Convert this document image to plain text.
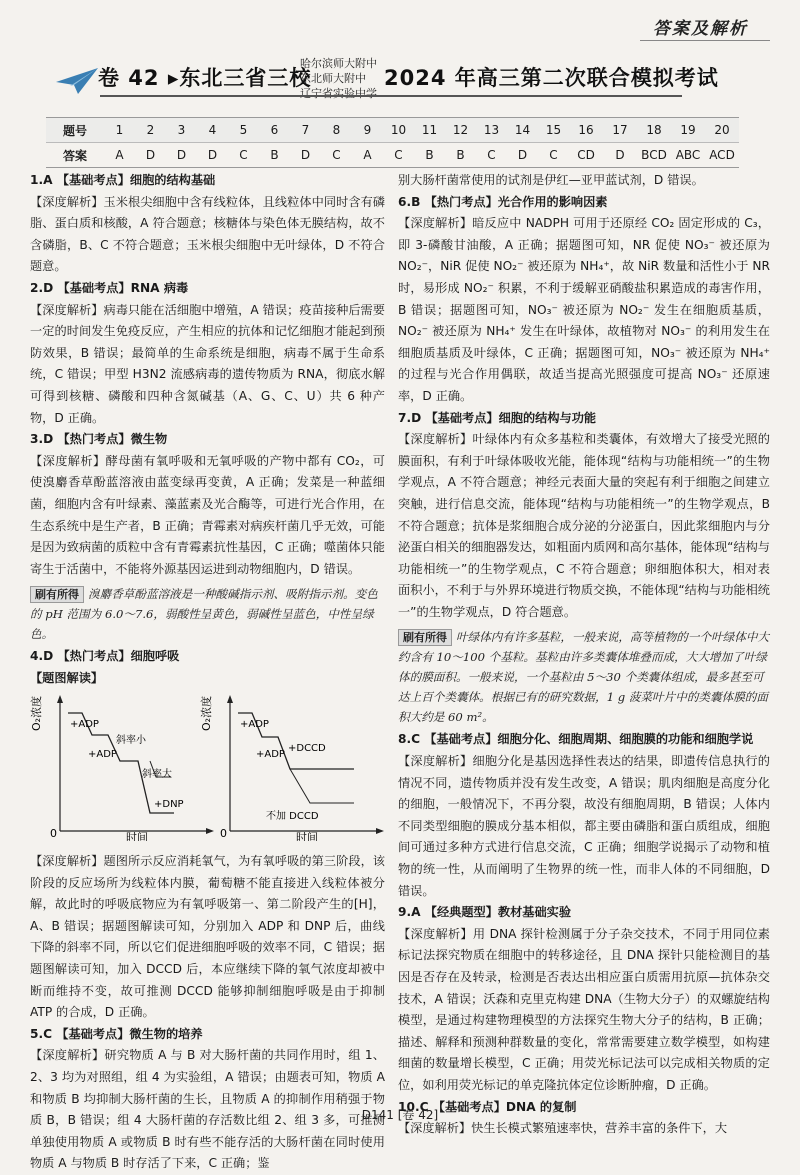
答案及解析
卷 42 ▸东北三省三校
哈尔滨师大附中
东北师大附中
辽宁省实验中学
2024 年高三第二次联合模拟考试
题号	1	2	3	4	5	6	7	8	9	10	11	12	13	14	15	16	17	18	19	20
答案	A	D	D	D	C	B	D	C	A	C	B	B	C	D	C	CD	D	BCD	ABC	ACD

1.A 【基础考点】细胞的结构基础

【深度解析】玉米根尖细胞中含有线粒体，且线粒体中同时含有磷脂、蛋白质和核酸，A 符合题意；核糖体与染色体无膜结构，故不含磷脂，B、C 不符合题意；玉米根尖细胞中无叶绿体，D 不符合题意。

2.D 【基础考点】RNA 病毒

【深度解析】病毒只能在活细胞中增殖，A 错误；疫苗接种后需要一定的时间发生免疫反应，产生相应的抗体和记忆细胞才能起到预防效果，B 错误；最简单的生命系统是细胞，病毒不属于生命系统，C 错误；甲型 H3N2 流感病毒的遗传物质为 RNA，彻底水解可得到核糖、磷酸和四种含氮碱基（A、G、C、U）共 6 种产物，D 正确。

3.D 【热门考点】微生物

【深度解析】酵母菌有氧呼吸和无氧呼吸的产物中都有 CO₂，可使溴麝香草酚蓝溶液由蓝变绿再变黄，A 正确；发菜是一种蓝细菌，细胞内含有叶绿素、藻蓝素及光合酶等，可进行光合作用，在生态系统中是生产者，B 正确；青霉素对病疾杆菌几乎无效，可能是因为致病菌的质粒中含有青霉素抗性基因，C 正确；噬菌体只能寄生于活菌中，不能将外源基因运进到动物细胞内，D 错误。

刷有所得 溴麝香草酚蓝溶液是一种酸碱指示剂、吸附指示剂。变色的 pH 范围为 6.0～7.6，弱酸性呈黄色，弱碱性呈蓝色，中性呈绿色。

4.D 【热门考点】细胞呼吸

【题图解读】

O₂浓度
时间
0
+ADP
+ADP
斜率小
斜率大
+DNP
O₂浓度
时间
0
+ADP
+ADP
+DCCD
不加 DCCD

【深度解析】题图所示反应消耗氧气，为有氧呼吸的第三阶段，该阶段的反应场所为线粒体内膜，葡萄糖不能直接进入线粒体被分解，故此时的呼吸底物应为有氧呼吸第一、第二阶段产生的[H]，A、B 错误；据题图解读可知，分别加入 ADP 和 DNP 后，曲线下降的斜率不同，所以它们促进细胞呼吸的效率不同，C 错误；据题图解读可知，加入 DCCD 后，本应继续下降的氧气浓度却被中断而维持不变，故可推测 DCCD 能够抑制细胞呼吸是由于抑制 ATP 的合成，D 正确。

5.C 【基础考点】微生物的培养

【深度解析】研究物质 A 与 B 对大肠杆菌的共同作用时，组 1、2、3 均为对照组，组 4 为实验组，A 错误；由题表可知，物质 A 和物质 B 均抑制大肠杆菌的生长，且物质 A 的抑制作用稍强于物质 B，B 错误；组 4 大肠杆菌的存活数比组 2、组 3 多，可推测单独使用物质 A 或物质 B 时有些不能存活的大肠杆菌在同时使用物质 A 与物质 B 时存活了下来，C 正确；鉴

别大肠杆菌常使用的试剂是伊红—亚甲蓝试剂，D 错误。

6.B 【热门考点】光合作用的影响因素

【深度解析】暗反应中 NADPH 可用于还原经 CO₂ 固定形成的 C₃，即 3-磷酸甘油酸，A 正确；据题图可知，NR 促使 NO₃⁻ 被还原为 NO₂⁻，NiR 促使 NO₂⁻ 被还原为 NH₄⁺，故 NiR 数量和活性小于 NR 时，易形成 NO₂⁻ 积累，不利于缓解亚硝酸盐积累造成的毒害作用，B 错误；据题图可知，NO₃⁻ 被还原为 NO₂⁻ 发生在细胞质基质，NO₂⁻ 被还原为 NH₄⁺ 发生在叶绿体，故植物对 NO₃⁻ 的利用发生在细胞质基质及叶绿体，C 正确；据题图可知，NO₃⁻ 被还原为 NH₄⁺ 的过程与光合作用偶联，故适当提高光照强度可提高 NO₃⁻ 还原速率，D 正确。

7.D 【基础考点】细胞的结构与功能

【深度解析】叶绿体内有众多基粒和类囊体，有效增大了接受光照的膜面积，有利于叶绿体吸收光能，能体现“结构与功能相统一”的生物学观点，A 不符合题意；神经元表面大量的突起有利于细胞之间建立突触，进行信息交流，能体现“结构与功能相统一”的生物学观点，B 不符合题意；抗体是浆细胞合成分泌的分泌蛋白，因此浆细胞内与分泌蛋白相关的细胞器发达，如粗面内质网和高尔基体，能体现“结构与功能相统一”的生物学观点，C 不符合题意；卵细胞体积大，相对表面积小，不利于与外界环境进行物质交换，不能体现“结构与功能相统一”的生物学观点，D 符合题意。

刷有所得 叶绿体内有许多基粒，一般来说，高等植物的一个叶绿体中大约含有 10～100 个基粒。基粒由许多类囊体堆叠而成，大大增加了叶绿体的膜面积。一般来说，一个基粒由 5～30 个类囊体组成，最多甚至可达上百个类囊体。根据已有的研究数据，1 g 菠菜叶片中的类囊体膜的面积大约是 60 m²。

8.C 【基础考点】细胞分化、细胞周期、细胞膜的功能和细胞学说

【深度解析】细胞分化是基因选择性表达的结果，即遗传信息执行的情况不同，遗传物质并没有发生改变，A 错误；肌肉细胞是高度分化的细胞，一般情况下，不再分裂，故没有细胞周期，B 错误；人体内不同类型细胞的膜成分基本相似，都主要由磷脂和蛋白质组成，细胞间可通过多种方式进行信息交流，C 正确；细胞学说揭示了动物和植物的统一性，从而阐明了生物界的统一性，而非人体的不同细胞，D 错误。

9.A 【经典题型】教材基础实验

【深度解析】用 DNA 探针检测属于分子杂交技术，不同于用同位素标记法探究物质在细胞中的转移途径，且 DNA 探针只能检测目的基因是否存在及转录，检测是否表达出相应蛋白质需用抗原—抗体杂交技术，A 错误；沃森和克里克构建 DNA（生物大分子）的双螺旋结构模型，是通过构建物理模型的方法探究生物大分子的结构，B 正确；描述、解释和预测种群数量的变化，常常需要建立数学模型，如构建细菌的数量增长模型，C 正确；用荧光标记法可以完成相关物质的定位，如利用荧光标记的单克隆抗体定位诊断肿瘤，D 正确。

10.C 【基础考点】DNA 的复制

【深度解析】快生长模式繁殖速率快，营养丰富的条件下，大

D141 [卷 42]
